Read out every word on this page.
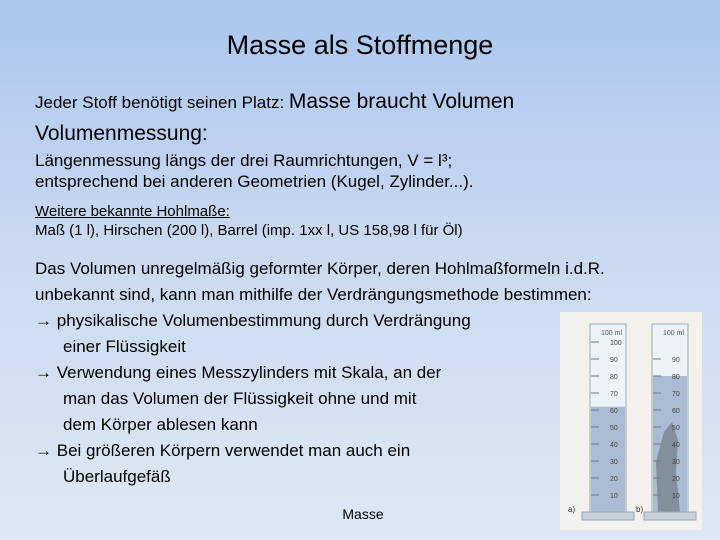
Masse als Stoffmenge
Jeder Stoff benötigt seinen Platz: Masse braucht Volumen
Volumenmessung:
Längenmessung längs der drei Raumrichtungen, V = l³;
entsprechend bei anderen Geometrien (Kugel, Zylinder...).
Weitere bekannte Hohlmaße:
Maß (1 l), Hirschen (200 l), Barrel (imp. 1xx l, US 158,98 l für Öl)
Das Volumen unregelmäßig geformter Körper, deren Hohlmaßformeln i.d.R.
unbekannt sind, kann man mithilfe der Verdrängungsmethode bestimmen:
→ physikalische Volumenbestimmung durch Verdrängung
einer Flüssigkeit
→ Verwendung eines Messzylinders mit Skala, an der
man das Volumen der Flüssigkeit ohne und mit
dem Körper ablesen kann
→ Bei größeren Körpern verwendet man auch ein
Überlaufgefäß
100
90
80
70
60
50
40
30
20
10
100 ml
a)
90
80
70
60
50
40
30
20
10
100 ml
b)
Masse
